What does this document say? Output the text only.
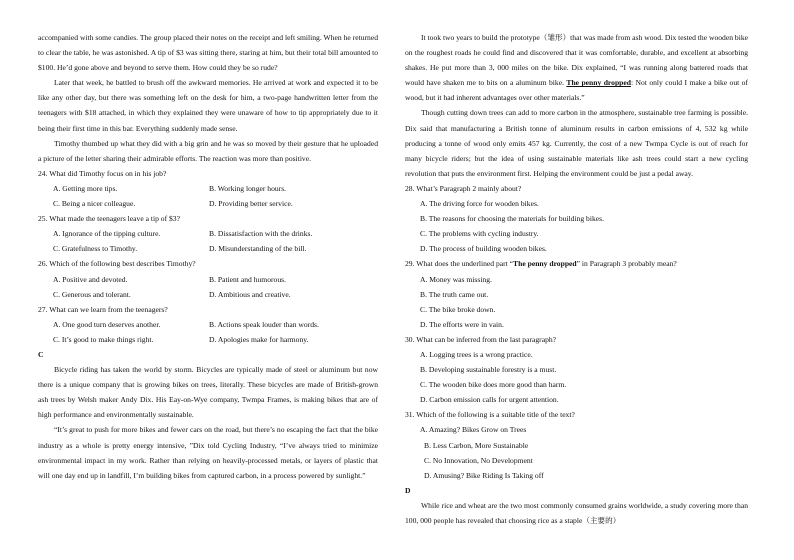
accompanied with some candies. The group placed their notes on the receipt and left smiling. When he returned to clear the table, he was astonished. A tip of $3 was sitting there, staring at him, but their total bill amounted to $100. He’d gone above and beyond to serve them. How could they be so rude?

Later that week, he battled to brush off the awkward memories. He arrived at work and expected it to be like any other day, but there was something left on the desk for him, a two-page handwritten letter from the teenagers with $18 attached, in which they explained they were unaware of how to tip appropriately due to it being their first time in this bar. Everything suddenly made sense.

Timothy thumbed up what they did with a big grin and he was so moved by their gesture that he uploaded a picture of the letter sharing their admirable efforts. The reaction was more than positive.

24. What did Timothy focus on in his job?

A. Getting more tips.	B. Working longer hours.
C. Being a nicer colleague.	D. Providing better service.

25. What made the teenagers leave a tip of $3?

A. Ignorance of the tipping culture.	B. Dissatisfaction with the drinks.
C. Gratefulness to Timothy.	D. Misunderstanding of the bill.

26. Which of the following best describes Timothy?

A. Positive and devoted.	B. Patient and humorous.
C. Generous and tolerant.	D. Ambitious and creative.

27. What can we learn from the teenagers?

A. One good turn deserves another.	B. Actions speak louder than words.
C. It’s good to make things right.	D. Apologies make for harmony.

C

Bicycle riding has taken the world by storm. Bicycles are typically made of steel or aluminum but now there is a unique company that is growing bikes on trees, literally. These bicycles are made of British-grown ash trees by Welsh maker Andy Dix. His Eay-on-Wye company, Twmpa Frames, is making bikes that are of high performance and environmentally sustainable.

“It’s great to push for more bikes and fewer cars on the road, but there’s no escaping the fact that the bike industry as a whole is pretty energy intensive, ”Dix told Cycling Industry, “I’ve always tried to minimize environmental impact in my work. Rather than relying on heavily-processed metals, or layers of plastic that will one day end up in landfill, I’m building bikes from captured carbon, in a process powered by sunlight.”

It took two years to build the prototype（雏形）that was made from ash wood. Dix tested the wooden bike on the roughest roads he could find and discovered that it was comfortable, durable, and excellent at absorbing shakes. He put more than 3, 000 miles on the bike. Dix explained, “I was running along battered roads that would have shaken me to bits on a aluminum bike. The penny dropped: Not only could I make a bike out of wood, but it had inherent advantages over other materials.”

Though cutting down trees can add to more carbon in the atmosphere, sustainable tree farming is possible. Dix said that manufacturing a British tonne of aluminum results in carbon emissions of 4, 532 kg while producing a tonne of wood only emits 457 kg. Currently, the cost of a new Twmpa Cycle is out of reach for many bicycle riders; but the idea of using sustainable materials like ash trees could start a new cycling revolution that puts the environment first. Helping the environment could be just a pedal away.

28. What’s Paragraph 2 mainly about?

A. The driving force for wooden bikes.

B. The reasons for choosing the materials for building bikes.

C. The problems with cycling industry.

D. The process of building wooden bikes.

29. What does the underlined part “The penny dropped” in Paragraph 3 probably mean?

A. Money was missing.

B. The truth came out.

C. The bike broke down.

D. The efforts were in vain.

30. What can be inferred from the last paragraph?

A. Logging trees is a wrong practice.

B. Developing sustainable forestry is a must.

C. The wooden bike does more good than harm.

D. Carbon emission calls for urgent attention.

31. Which of the following is a suitable title of the text?

A. Amazing? Bikes Grow on Trees

B. Less Carbon, More Sustainable

C. No Innovation, No Development

D. Amusing? Bike Riding Is Taking off

D

While rice and wheat are the two most commonly consumed grains worldwide, a study covering more than 100, 000 people has revealed that choosing rice as a staple（主要的）
